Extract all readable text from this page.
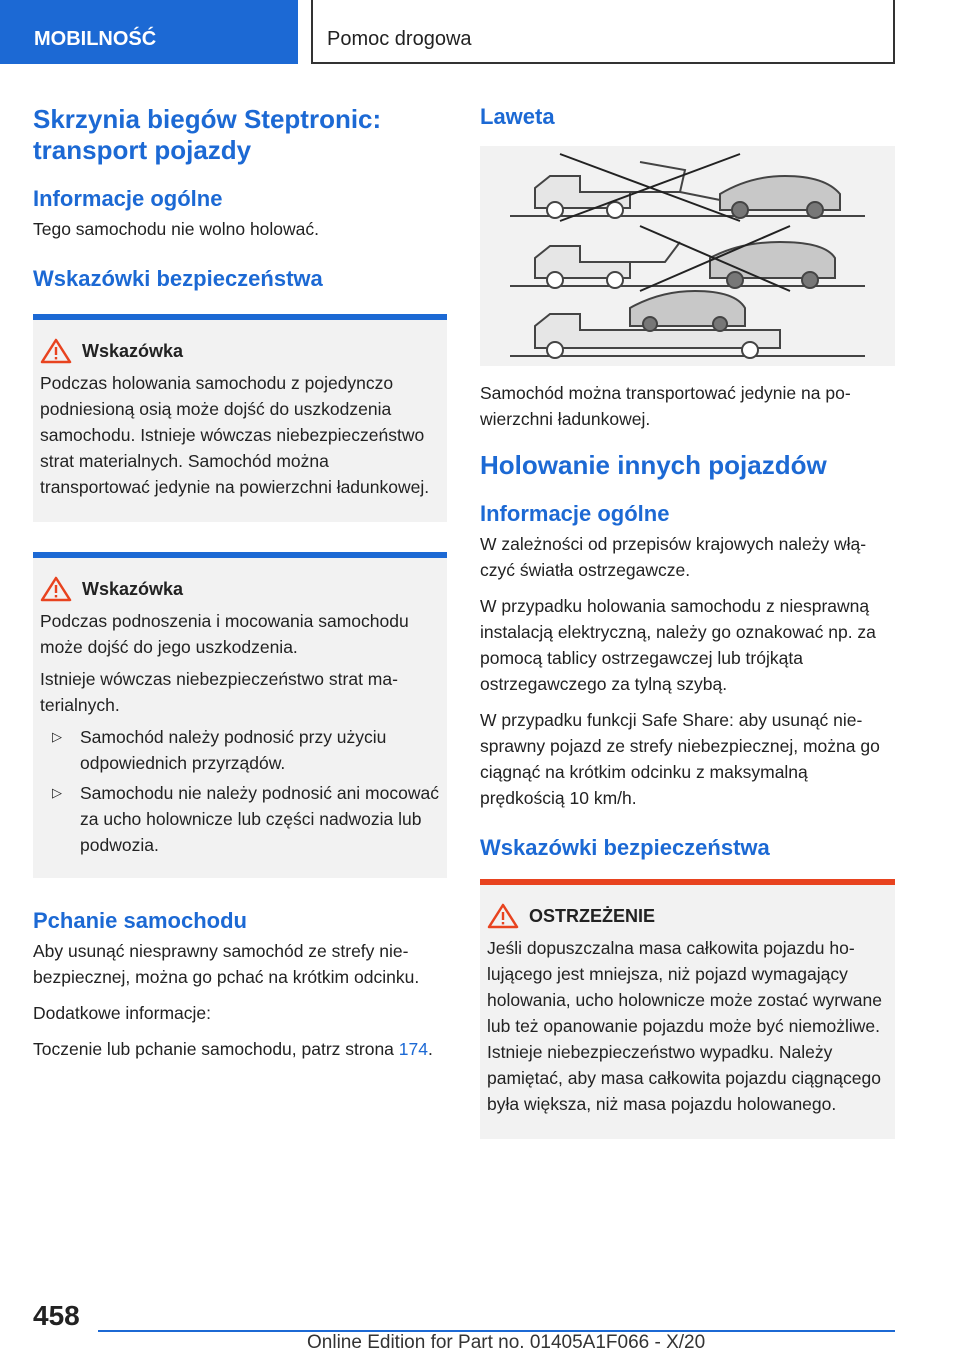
MOBILNOŚĆ	Pomoc drogowa
Skrzynia biegów Steptronic: transport pojazdy
Informacje ogólne

Tego samochodu nie wolno holować.

Wskazówki bezpieczeństwa
Wskazówka

Podczas holowania samochodu z pojedynczo podniesioną osią może dojść do uszkodzenia samochodu. Istnieje wówczas niebezpieczeństwo strat materialnych. Samochód można transportować jedynie na powierzchni ładunkowej.

Wskazówka

Podczas podnoszenia i mocowania samochodu może dojść do jego uszkodzenia.

Istnieje wówczas niebezpieczeństwo strat materialnych.

▷	Samochód należy podnosić przy użyciu odpowiednich przyrządów.
▷	Samochodu nie należy podnosić ani mocować za ucho holownicze lub części nadwozia lub podwozia.
Pchanie samochodu

Aby usunąć niesprawny samochód ze strefy niebezpiecznej, można go pchać na krótkim odcinku.

Dodatkowe informacje:

Toczenie lub pchanie samochodu, patrz strona 174.

Laweta

Samochód można transportować jedynie na powierzchni ładunkowej.

Holowanie innych pojazdów
Informacje ogólne

W zależności od przepisów krajowych należy włączyć światła ostrzegawcze.

W przypadku holowania samochodu z niesprawną instalacją elektryczną, należy go oznakować np. za pomocą tablicy ostrzegawczej lub trójkąta ostrzegawczego za tylną szybą.

W przypadku funkcji Safe Share: aby usunąć niesprawny pojazd ze strefy niebezpiecznej, można go ciągnąć na krótkim odcinku z maksymalną prędkością 10 km/h.

Wskazówki bezpieczeństwa
OSTRZEŻENIE

Jeśli dopuszczalna masa całkowita pojazdu holującego jest mniejsza, niż pojazd wymagający holowania, ucho holownicze może zostać wyrwane lub też opanowanie pojazdu może być niemożliwe. Istnieje niebezpieczeństwo wypadku. Należy pamiętać, aby masa całkowita pojazdu ciągnącego była większa, niż masa pojazdu holowanego.

458
Online Edition for Part no. 01405A1F066 - X/20
